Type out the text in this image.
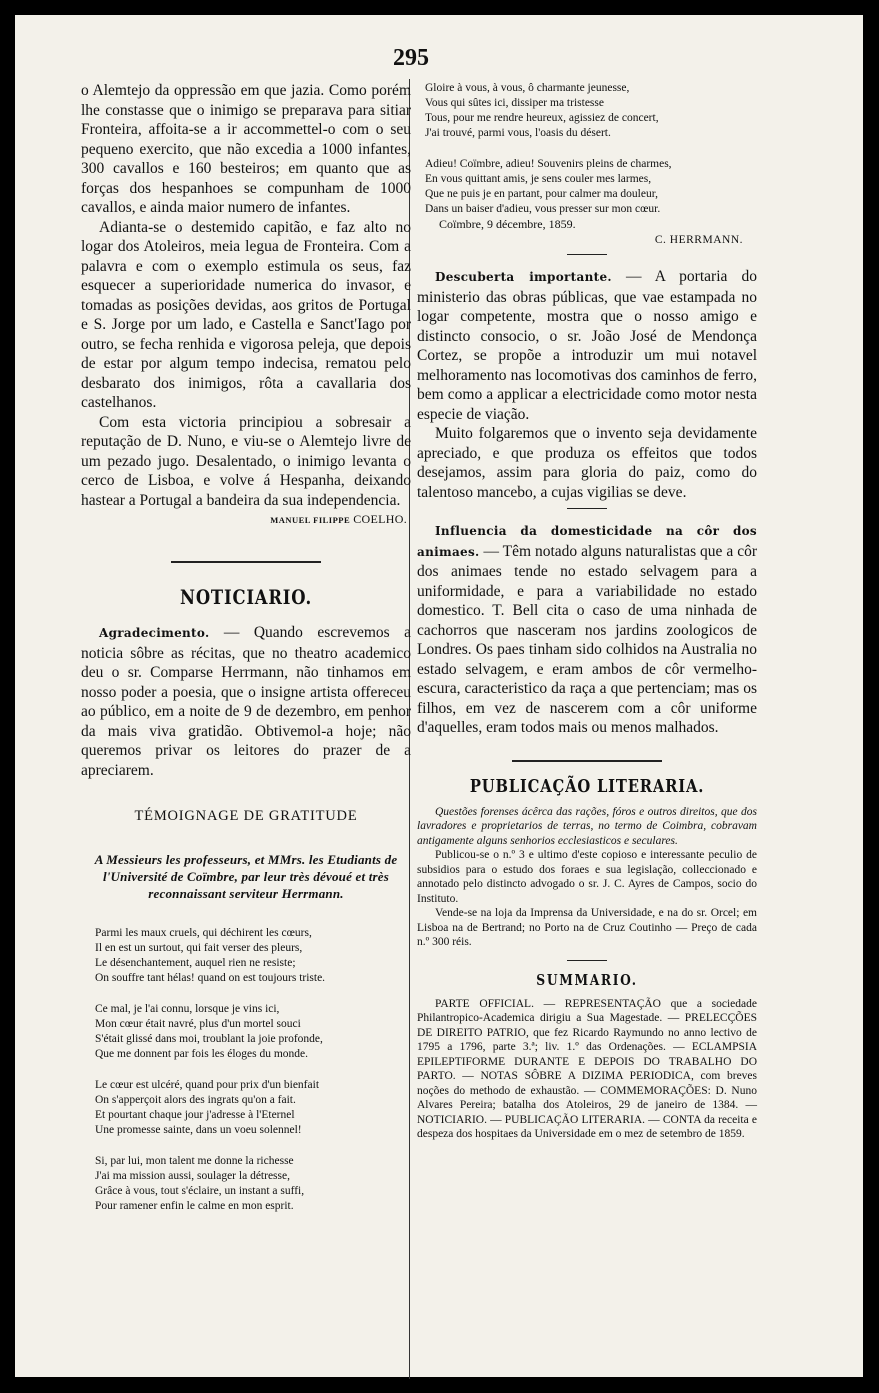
295

o Alemtejo da oppressão em que jazia. Como porém lhe constasse que o inimigo se preparava para sitiar Fronteira, affoita-se a ir accommettel-o com o seu pequeno exercito, que não excedia a 1000 infantes, 300 cavallos e 160 besteiros; em quanto que as forças dos hespanhoes se compunham de 1000 cavallos, e ainda maior numero de infantes.

Adianta-se o destemido capitão, e faz alto no logar dos Atoleiros, meia legua de Fronteira. Com a palavra e com o exemplo estimula os seus, faz esquecer a superioridade numerica do invasor, e tomadas as posições devidas, aos gritos de Portugal e S. Jorge por um lado, e Castella e Sanct'Iago por outro, se fecha renhida e vigorosa peleja, que depois de estar por algum tempo indecisa, rematou pelo desbarato dos inimigos, rôta a cavallaria dos castelhanos.

Com esta victoria principiou a sobresair a reputação de D. Nuno, e viu-se o Alemtejo livre de um pezado jugo. Desalentado, o inimigo levanta o cerco de Lisboa, e volve á Hespanha, deixando hastear a Portugal a bandeira da sua independencia.

MANUEL FILIPPE COELHO.
NOTICIARIO.

Agradecimento. — Quando escrevemos a noticia sôbre as récitas, que no theatro academico deu o sr. Comparse Herrmann, não tinhamos em nosso poder a poesia, que o insigne artista offereceu ao público, em a noite de 9 de dezembro, em penhor da mais viva gratidão. Obtivemol-a hoje; não queremos privar os leitores do prazer de a apreciarem.

TÉMOIGNAGE DE GRATITUDE
A Messieurs les professeurs, et MMrs. les Etudiants de l'Université de Coïmbre, par leur très dévoué et très reconnaissant serviteur Herrmann.
Parmi les maux cruels, qui déchirent les cœurs,
Il en est un surtout, qui fait verser des pleurs,
Le désenchantement, auquel rien ne resiste;
On souffre tant hélas! quand on est toujours triste.
Ce mal, je l'ai connu, lorsque je vins ici,
Mon cœur était navré, plus d'un mortel souci
S'était glissé dans moi, troublant la joie profonde,
Que me donnent par fois les éloges du monde.
Le cœur est ulcéré, quand pour prix d'un bienfait
On s'apperçoit alors des ingrats qu'on a fait.
Et pourtant chaque jour j'adresse à l'Eternel
Une promesse sainte, dans un voeu solennel!
Si, par lui, mon talent me donne la richesse
J'ai ma mission aussi, soulager la détresse,
Grâce à vous, tout s'éclaire, un instant a suffi,
Pour ramener enfin le calme en mon esprit.
Gloire à vous, à vous, ô charmante jeunesse,
Vous qui sûtes ici, dissiper ma tristesse
Tous, pour me rendre heureux, agissiez de concert,
J'ai trouvé, parmi vous, l'oasis du désert.
Adieu! Coïmbre, adieu! Souvenirs pleins de charmes,
En vous quittant amis, je sens couler mes larmes,
Que ne puis je en partant, pour calmer ma douleur,
Dans un baiser d'adieu, vous presser sur mon cœur.
Coïmbre, 9 décembre, 1859.
C. HERRMANN.

Descuberta importante. — A portaria do ministerio das obras públicas, que vae estampada no logar competente, mostra que o nosso amigo e distincto consocio, o sr. João José de Mendonça Cortez, se propõe a introduzir um mui notavel melhoramento nas locomotivas dos caminhos de ferro, bem como a applicar a electricidade como motor nesta especie de viação.

Muito folgaremos que o invento seja devidamente apreciado, e que produza os effeitos que todos desejamos, assim para gloria do paiz, como do talentoso mancebo, a cujas vigilias se deve.

Influencia da domesticidade na côr dos animaes. — Têm notado alguns naturalistas que a côr dos animaes tende no estado selvagem para a uniformidade, e para a variabilidade no estado domestico. T. Bell cita o caso de uma ninhada de cachorros que nasceram nos jardins zoologicos de Londres. Os paes tinham sido colhidos na Australia no estado selvagem, e eram ambos de côr vermelho-escura, caracteristico da raça a que pertenciam; mas os filhos, em vez de nascerem com a côr uniforme d'aquelles, eram todos mais ou menos malhados.

PUBLICAÇÃO LITERARIA.

Questões forenses ácêrca das rações, fóros e outros direitos, que dos lavradores e proprietarios de terras, no termo de Coimbra, cobravam antigamente alguns senhorios ecclesiasticos e seculares.

Publicou-se o n.º 3 e ultimo d'este copioso e interessante peculio de subsidios para o estudo dos foraes e sua legislação, colleccionado e annotado pelo distincto advogado o sr. J. C. Ayres de Campos, socio do Instituto.

Vende-se na loja da Imprensa da Universidade, e na do sr. Orcel; em Lisboa na de Bertrand; no Porto na de Cruz Coutinho — Preço de cada n.º 300 réis.

SUMMARIO.

PARTE OFFICIAL. — REPRESENTAÇÃO que a sociedade Philantropico-Academica dirigiu a Sua Magestade. — PRELECÇÕES DE DIREITO PATRIO, que fez Ricardo Raymundo no anno lectivo de 1795 a 1796, parte 3.ª; liv. 1.º das Ordenações. — ECLAMPSIA EPILEPTIFORME DURANTE E DEPOIS DO TRABALHO DO PARTO. — NOTAS SÔBRE A DIZIMA PERIODICA, com breves noções do methodo de exhaustão. — COMMEMORAÇÕES: D. Nuno Alvares Pereira; batalha dos Atoleiros, 29 de janeiro de 1384. — NOTICIARIO. — PUBLICAÇÃO LITERARIA. — CONTA da receita e despeza dos hospitaes da Universidade em o mez de setembro de 1859.
